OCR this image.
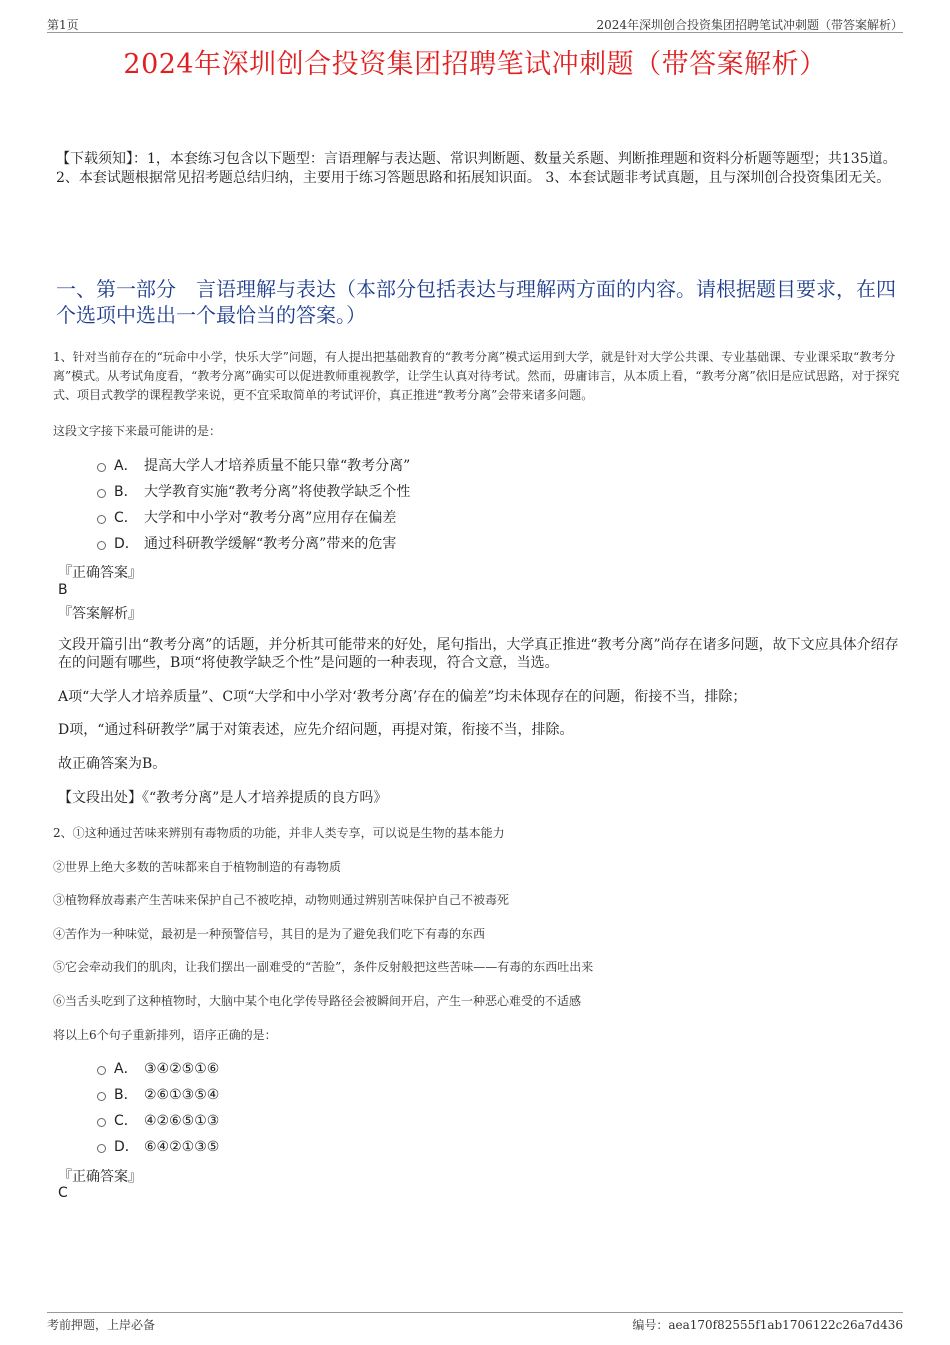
第1页	2024年深圳创合投资集团招聘笔试冲刺题（带答案解析）
2024年深圳创合投资集团招聘笔试冲刺题（带答案解析）
【下载须知】：1，本套练习包含以下题型：言语理解与表达题、常识判断题、数量关系题、判断推理题和资料分析题等题型；共135道。 2、本套试题根据常见招考题总结归纳，主要用于练习答题思路和拓展知识面。 3、本套试题非考试真题，且与深圳创合投资集团无关。
一、第一部分　言语理解与表达（本部分包括表达与理解两方面的内容。请根据题目要求，在四个选项中选出一个最恰当的答案。）
1、针对当前存在的“玩命中小学，快乐大学”问题，有人提出把基础教育的“教考分离”模式运用到大学，就是针对大学公共课、专业基础课、专业课采取“教考分离”模式。从考试角度看，“教考分离”确实可以促进教师重视教学，让学生认真对待考试。然而，毋庸讳言，从本质上看，“教考分离”依旧是应试思路，对于探究式、项目式教学的课程教学来说，更不宜采取简单的考试评价，真正推进“教考分离”会带来诸多问题。
这段文字接下来最可能讲的是：
A． 提高大学人才培养质量不能只靠“教考分离”
B． 大学教育实施“教考分离”将使教学缺乏个性
C． 大学和中小学对“教考分离”应用存在偏差
D． 通过科研教学缓解“教考分离”带来的危害
『正确答案』
B
『答案解析』
文段开篇引出“教考分离”的话题，并分析其可能带来的好处，尾句指出，大学真正推进“教考分离”尚存在诸多问题，故下文应具体介绍存在的问题有哪些，B项“将使教学缺乏个性”是问题的一种表现，符合文意，当选。
A项“大学人才培养质量”、C项“大学和中小学对‘教考分离’存在的偏差”均未体现存在的问题，衔接不当，排除；
D项，“通过科研教学”属于对策表述，应先介绍问题，再提对策，衔接不当，排除。
故正确答案为B。
【文段出处】《“教考分离”是人才培养提质的良方吗》
2、①这种通过苦味来辨别有毒物质的功能，并非人类专享，可以说是生物的基本能力
②世界上绝大多数的苦味都来自于植物制造的有毒物质
③植物释放毒素产生苦味来保护自己不被吃掉，动物则通过辨别苦味保护自己不被毒死
④苦作为一种味觉，最初是一种预警信号，其目的是为了避免我们吃下有毒的东西
⑤它会牵动我们的肌肉，让我们摆出一副难受的“苦脸”，条件反射般把这些苦味——有毒的东西吐出来
⑥当舌头吃到了这种植物时，大脑中某个电化学传导路径会被瞬间开启，产生一种恶心难受的不适感
将以上6个句子重新排列，语序正确的是：
A． ③④②⑤①⑥
B． ②⑥①③⑤④
C． ④②⑥⑤①③
D． ⑥④②①③⑤
『正确答案』
C
考前押题，上岸必备	编号：aea170f82555f1ab1706122c26a7d436
